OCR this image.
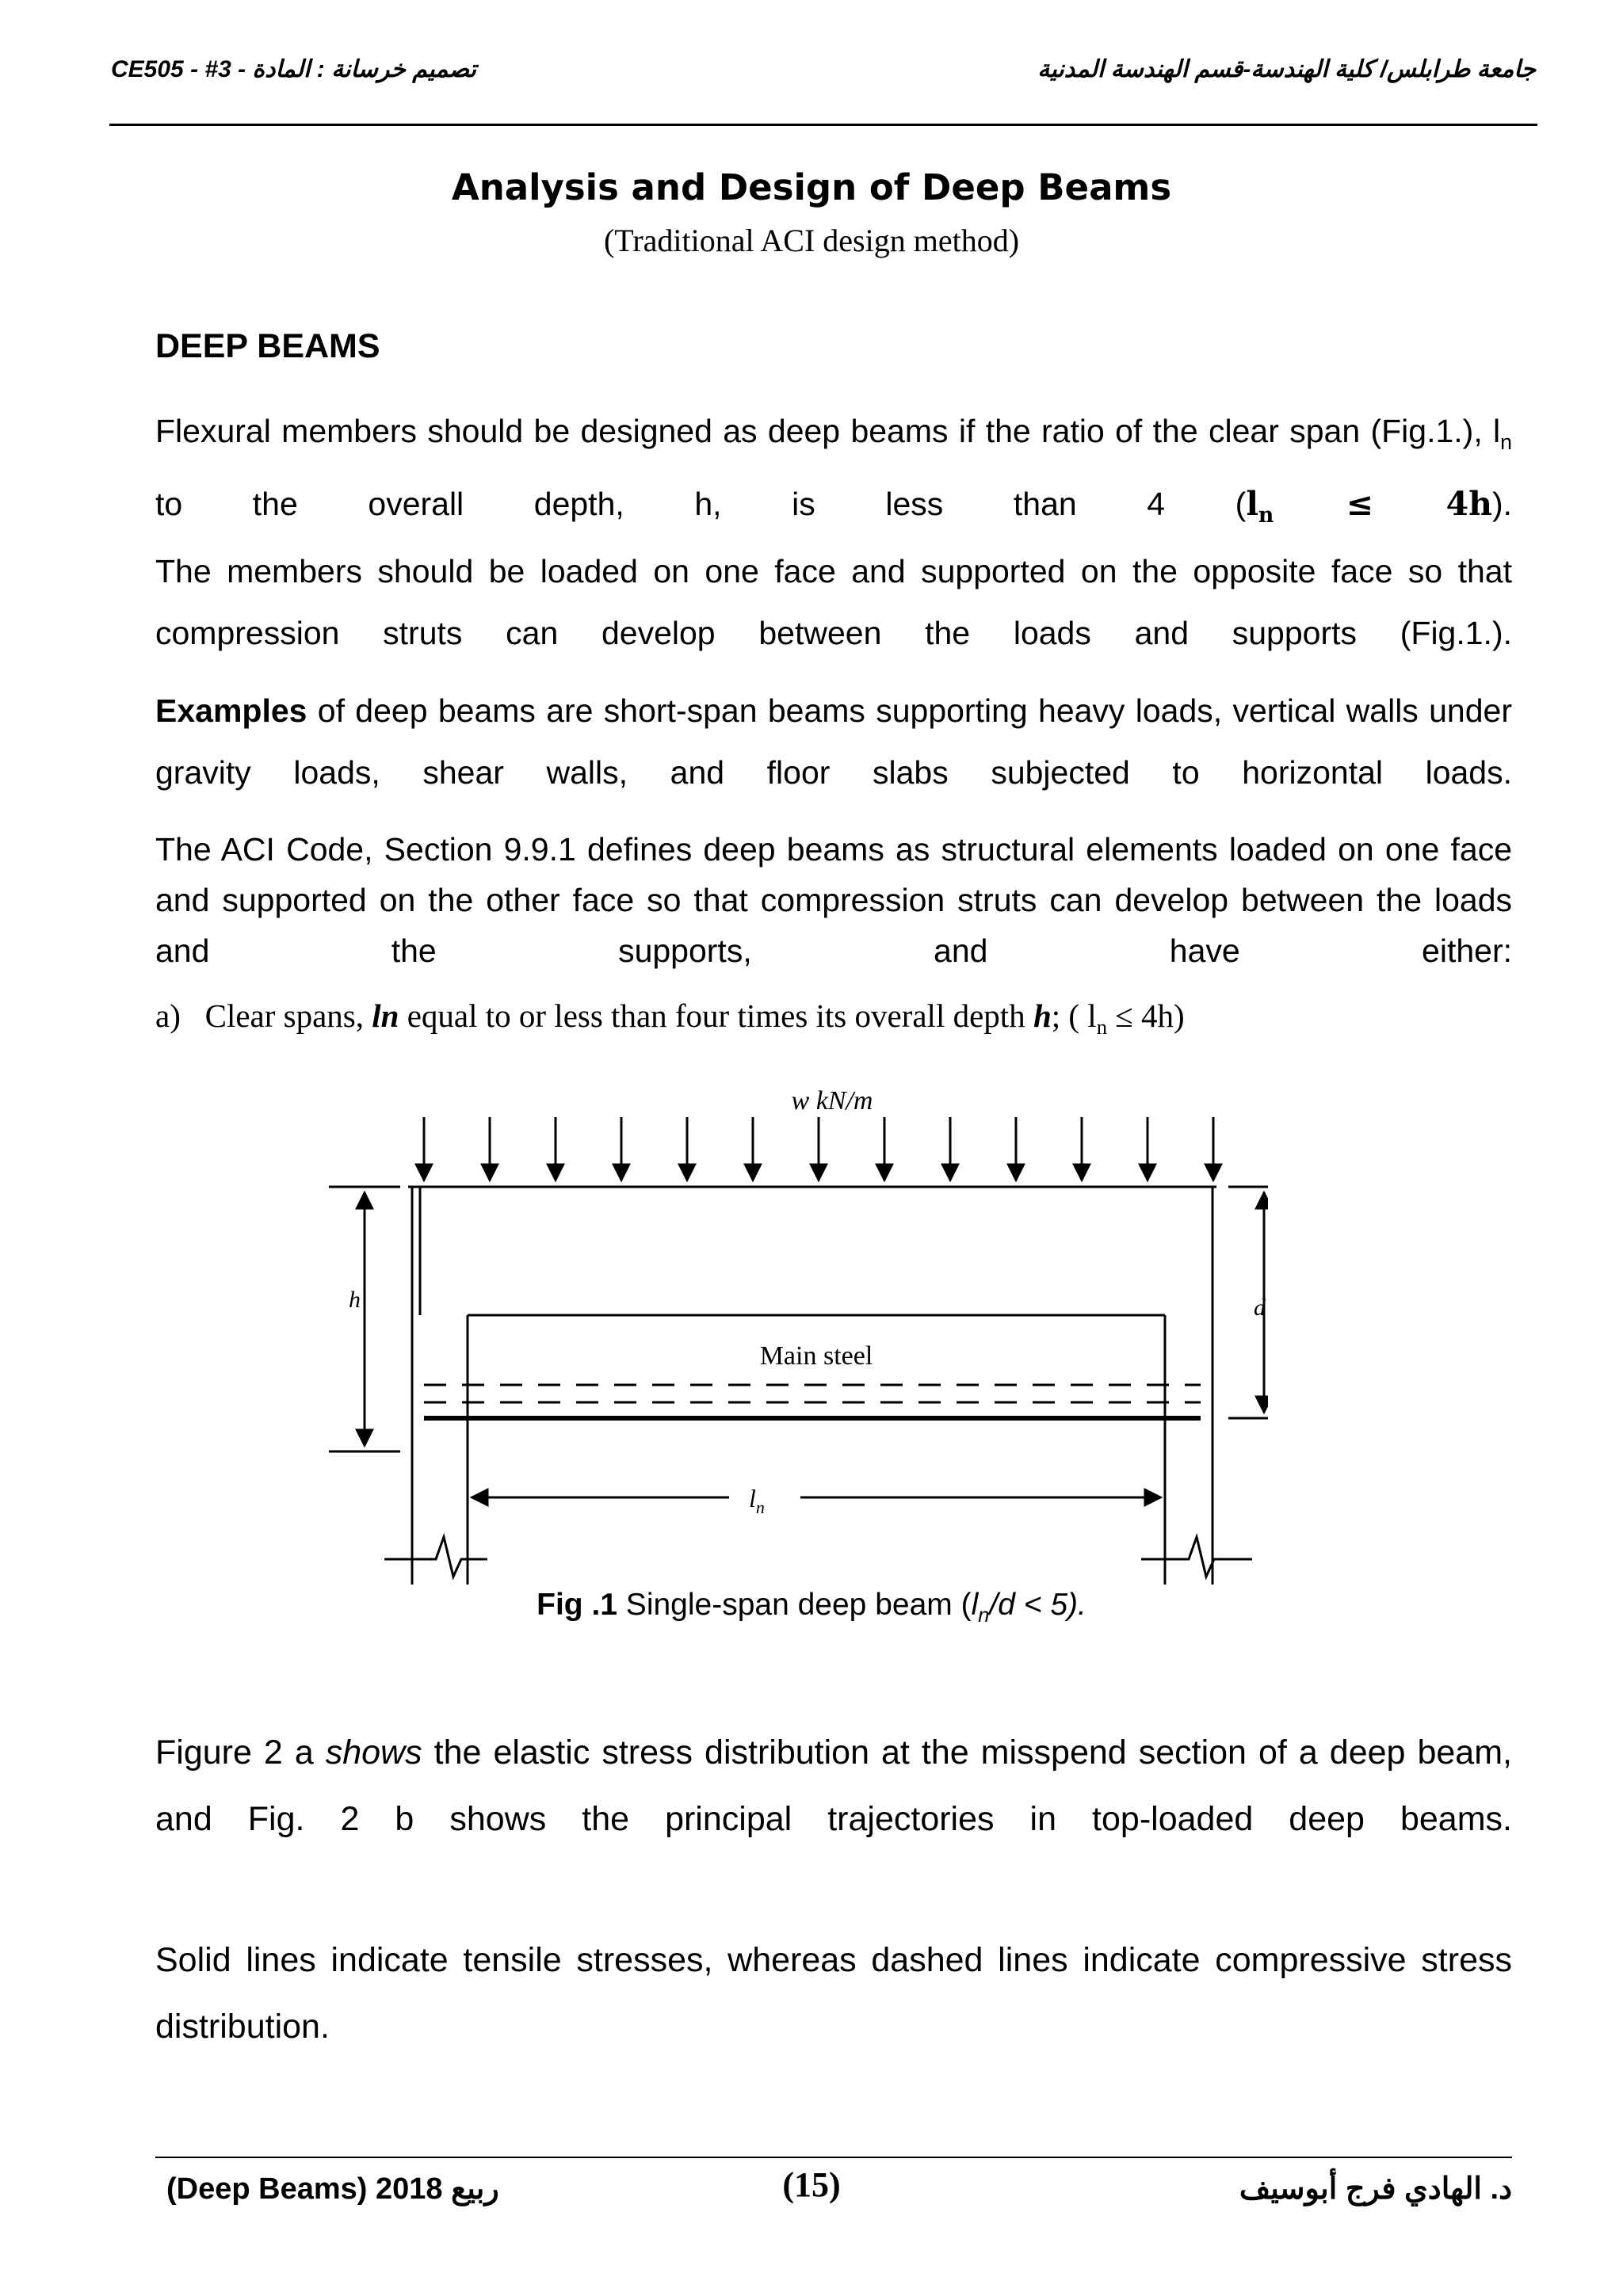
CE505 - #3 - تصميم خرسانة : المادة	جامعة طرابلس/ كلية الهندسة-قسم الهندسة المدنية
Analysis and Design of Deep Beams
(Traditional ACI design method)
DEEP BEAMS
Flexural members should be designed as deep beams if the ratio of the clear span (Fig.1.), $l_n$ to the overall depth, h, is less than 4 $(l_n \le 4h)$.
The members should be loaded on one face and supported on the opposite face so that compression struts can develop between the loads and supports (Fig.1.).
Examples of deep beams are short-span beams supporting heavy loads, vertical walls under gravity loads, shear walls, and floor slabs subjected to horizontal loads.
The ACI Code, Section 9.9.1 defines deep beams as structural elements loaded on one face and supported on the other face so that compression struts can develop between the loads and the supports, and have either:
a) Clear spans, ln equal to or less than four times its overall depth h; ( $l_n \le 4h$)
w kN/m
h	d
Main steel
$l_n$
Fig .1 Single-span deep beam $(l_n/d < 5)$.
Figure 2 a shows the elastic stress distribution at the misspend section of a deep beam, and Fig. 2 b shows the principal trajectories in top-loaded deep beams.
Solid lines indicate tensile stresses, whereas dashed lines indicate compressive stress distribution.
(Deep Beams) 2018 ربيع	(15)	د. الهادي فرج أبوسيف
